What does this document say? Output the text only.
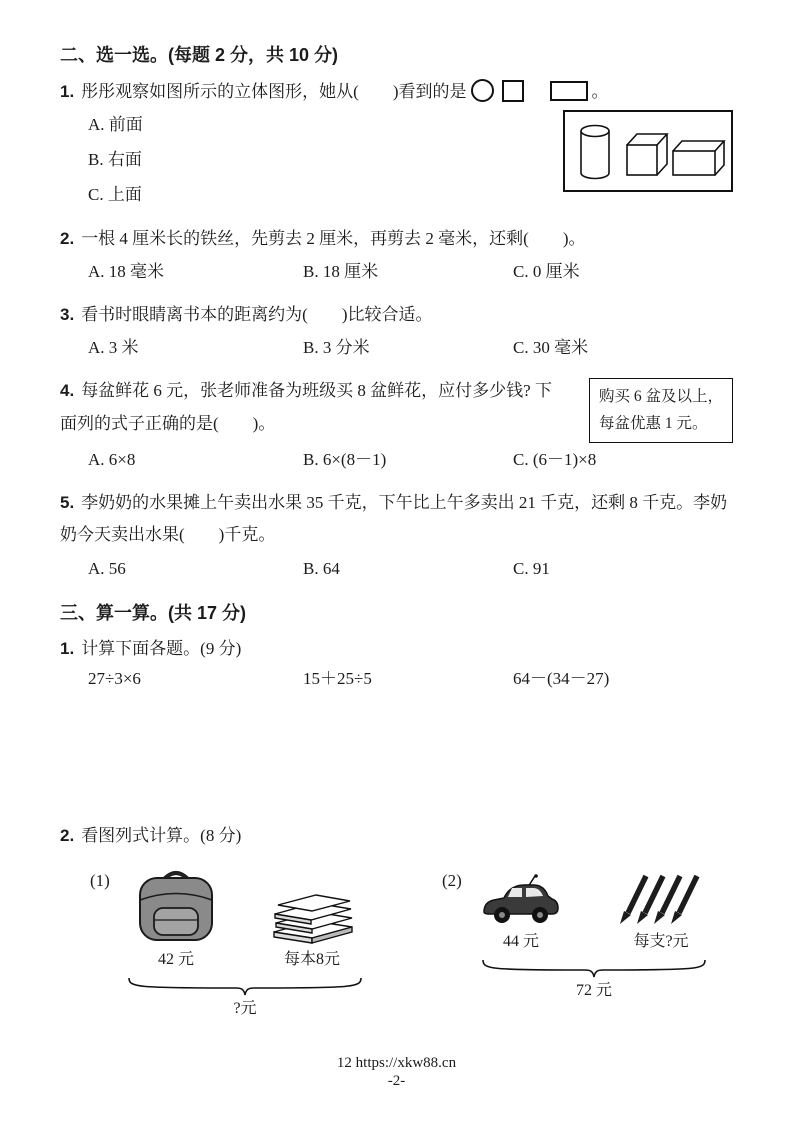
二、选一选。(每题 2 分，共 10 分)
1. 彤彤观察如图所示的立体图形，她从(　　)看到的是	。
A. 前面
B. 右面
C. 上面
2. 一根 4 厘米长的铁丝，先剪去 2 厘米，再剪去 2 毫米，还剩(　　)。
A. 18 毫米	B. 18 厘米	C. 0 厘米
3. 看书时眼睛离书本的距离约为(　　)比较合适。
A. 3 米	B. 3 分米	C. 30 毫米
4. 每盆鲜花 6 元，张老师准备为班级买 8 盆鲜花，应付多少钱? 下面列的式子正确的是(　　)。
购买 6 盆及以上，
每盆优惠 1 元。
A. 6×8	B. 6×(8－1)	C. (6－1)×8
5. 李奶奶的水果摊上午卖出水果 35 千克，下午比上午多卖出 21 千克，还剩 8 千克。李奶奶今天卖出水果(　　)千克。
A. 56	B. 64	C. 91
三、算一算。(共 17 分)
1. 计算下面各题。(9 分)
27÷3×6	15＋25÷5	64－(34－27)
2. 看图列式计算。(8 分)
(1)
42 元	每本8元
?元
(2)
44 元	每支?元
72 元
12 https://xkw88.cn
-2-
